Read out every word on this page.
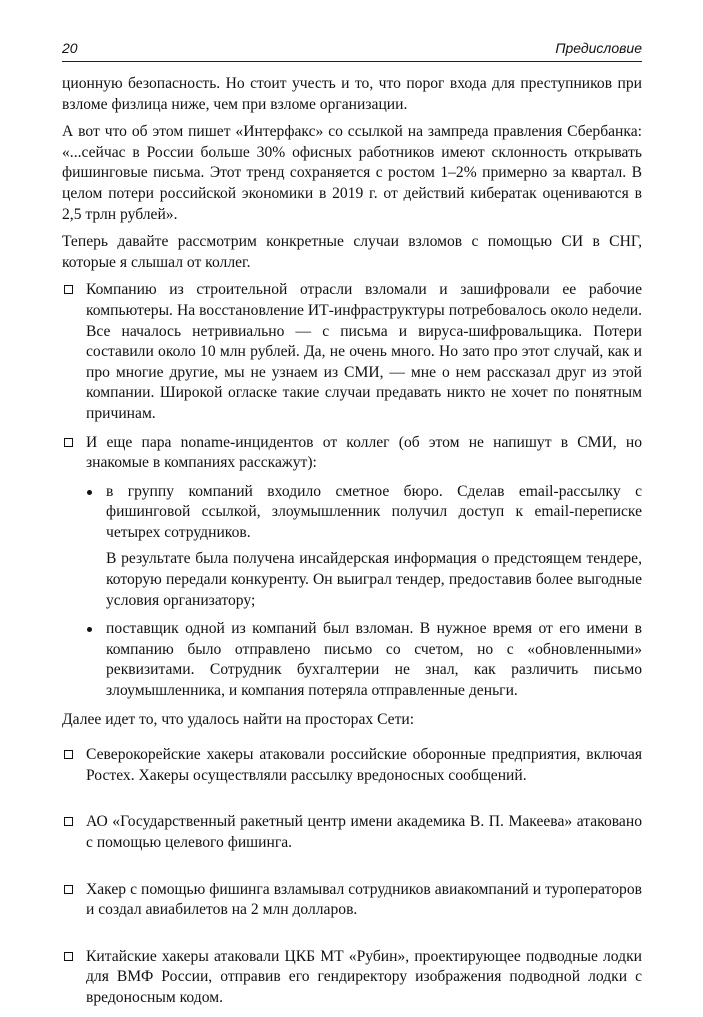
20	Предисловие

ционную безопасность. Но стоит учесть и то, что порог входа для преступников при взломе физлица ниже, чем при взломе организации.

А вот что об этом пишет «Интерфакс» со ссылкой на зампреда правления Сбербанка: «...сейчас в России больше 30% офисных работников имеют склонность открывать фишинговые письма. Этот тренд сохраняется с ростом 1–2% примерно за квартал. В целом потери российской экономики в 2019 г. от действий кибератак оцениваются в 2,5 трлн рублей».

Теперь давайте рассмотрим конкретные случаи взломов с помощью СИ в СНГ, которые я слышал от коллег.

Компанию из строительной отрасли взломали и зашифровали ее рабочие компьютеры. На восстановление ИТ-инфраструктуры потребовалось около недели. Все началось нетривиально — с письма и вируса-шифровальщика. Потери составили около 10 млн рублей. Да, не очень много. Но зато про этот случай, как и про многие другие, мы не узнаем из СМИ, — мне о нем рассказал друг из этой компании. Широкой огласке такие случаи предавать никто не хочет по понятным причинам.
И еще пара noname-инцидентов от коллег (об этом не напишут в СМИ, но знакомые в компаниях расскажут):

в группу компаний входило сметное бюро. Сделав email-рассылку с фишинговой ссылкой, злоумышленник получил доступ к email-переписке четырех сотрудников.

В результате была получена инсайдерская информация о предстоящем тендере, которую передали конкуренту. Он выиграл тендер, предоставив более выгодные условия организатору;

поставщик одной из компаний был взломан. В нужное время от его имени в компанию было отправлено письмо со счетом, но с «обновленными» реквизитами. Сотрудник бухгалтерии не знал, как различить письмо злоумышленника, и компания потеряла отправленные деньги.

Далее идет то, что удалось найти на просторах Сети:

Северокорейские хакеры атаковали российские оборонные предприятия, включая Ростех. Хакеры осуществляли рассылку вредоносных сообщений.
АО «Государственный ракетный центр имени академика В. П. Макеева» атаковано с помощью целевого фишинга.
Хакер с помощью фишинга взламывал сотрудников авиакомпаний и туроператоров и создал авиабилетов на 2 млн долларов.
Китайские хакеры атаковали ЦКБ МТ «Рубин», проектирующее подводные лодки для ВМФ России, отправив его гендиректору изображения подводной лодки с вредоносным кодом.
